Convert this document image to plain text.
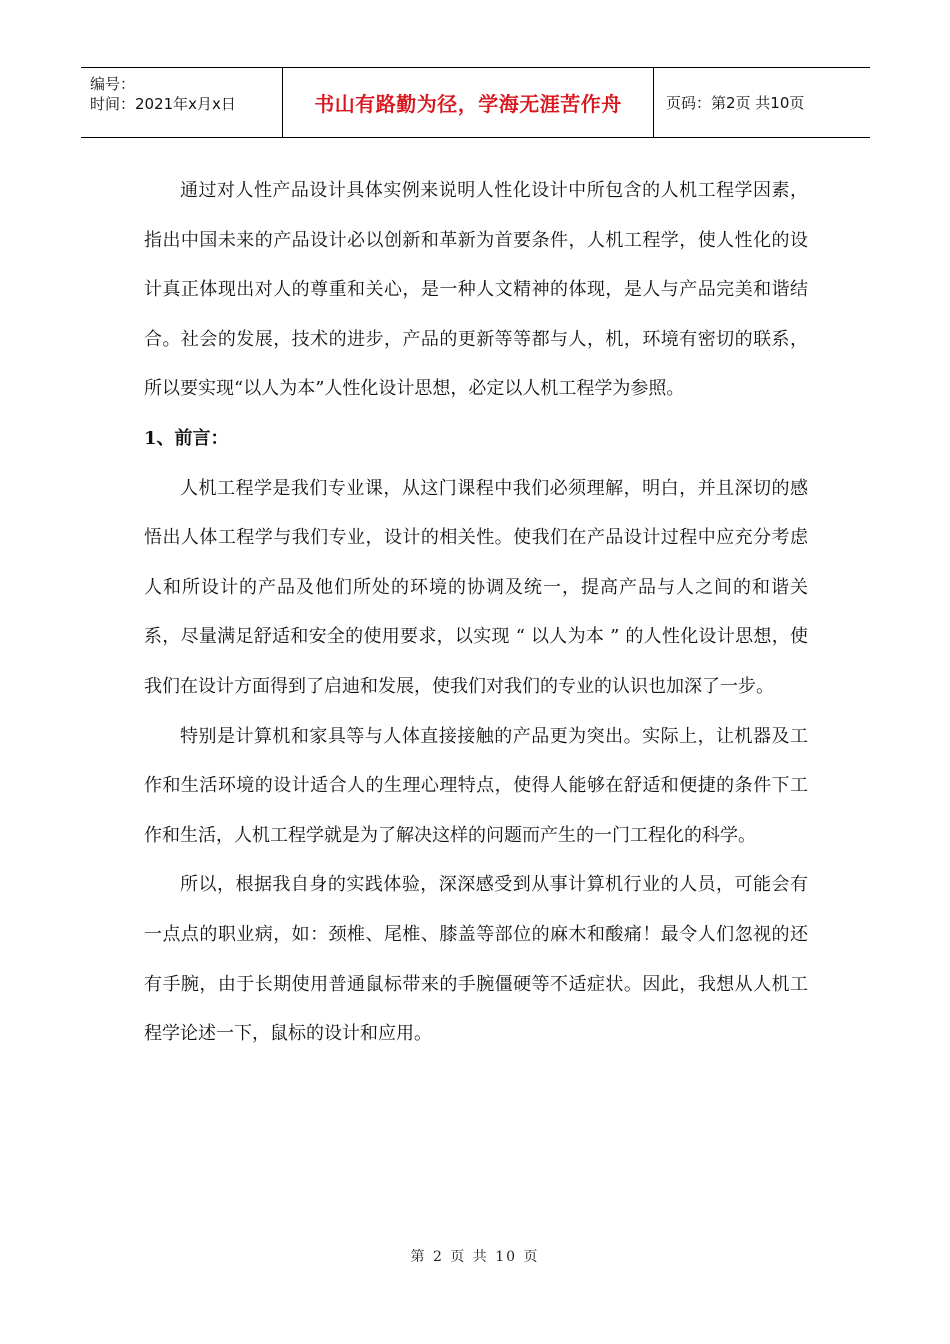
编号：
时间：2021年x月x日	书山有路勤为径，学海无涯苦作舟	页码：第2页 共10页

通过对人性产品设计具体实例来说明人性化设计中所包含的人机工程学因素，指出中国未来的产品设计必以创新和革新为首要条件，人机工程学，使人性化的设计真正体现出对人的尊重和关心，是一种人文精神的体现，是人与产品完美和谐结合。社会的发展，技术的进步，产品的更新等等都与人，机，环境有密切的联系，所以要实现“以人为本”人性化设计思想，必定以人机工程学为参照。

1、前言：

人机工程学是我们专业课，从这门课程中我们必须理解，明白，并且深切的感悟出人体工程学与我们专业，设计的相关性。使我们在产品设计过程中应充分考虑人和所设计的产品及他们所处的环境的协调及统一，提高产品与人之间的和谐关系，尽量满足舒适和安全的使用要求，以实现 “ 以人为本 ” 的人性化设计思想，使我们在设计方面得到了启迪和发展，使我们对我们的专业的认识也加深了一步。

特别是计算机和家具等与人体直接接触的产品更为突出。实际上，让机器及工作和生活环境的设计适合人的生理心理特点，使得人能够在舒适和便捷的条件下工作和生活，人机工程学就是为了解决这样的问题而产生的一门工程化的科学。

所以，根据我自身的实践体验，深深感受到从事计算机行业的人员，可能会有一点点的职业病，如：颈椎、尾椎、膝盖等部位的麻木和酸痛！最令人们忽视的还有手腕，由于长期使用普通鼠标带来的手腕僵硬等不适症状。因此，我想从人机工程学论述一下，鼠标的设计和应用。

第 2 页 共 10 页
